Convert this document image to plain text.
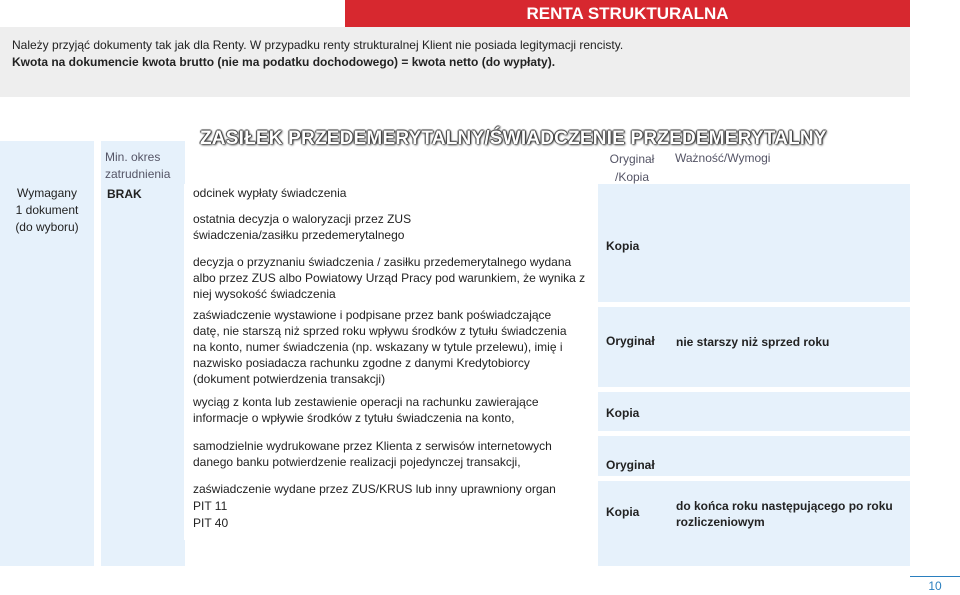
RENTA STRUKTURALNA
Należy przyjąć dokumenty tak jak dla Renty. W przypadku renty strukturalnej Klient nie posiada legitymacji rencisty.
Kwota na dokumencie kwota brutto (nie ma podatku dochodowego) = kwota netto (do wypłaty).
Wymagany
1 dokument
(do wyboru)
Min. okres
zatrudnienia
BRAK
ZASIŁEK PRZEDEMERYTALNY/ŚWIADCZENIE PRZEDEMERYTALNY
Oryginał
/Kopia
Ważność/Wymogi
odcinek wypłaty świadczenia
ostatnia decyzja o waloryzacji przez ZUS świadczenia/zasiłku przedemerytalnego
decyzja o przyznaniu świadczenia / zasiłku przedemerytalnego wydana albo przez ZUS albo Powiatowy Urząd Pracy pod warunkiem, że wynika z niej wysokość świadczenia
zaświadczenie wystawione i podpisane przez bank poświadczające datę, nie starszą niż sprzed roku wpływu środków z tytułu świadczenia na konto, numer świadczenia (np. wskazany w tytule przelewu), imię i nazwisko posiadacza rachunku zgodne z danymi Kredytobiorcy (dokument potwierdzenia transakcji)
wyciąg z konta lub zestawienie operacji na rachunku zawierające informacje o wpływie środków z tytułu świadczenia na konto,
samodzielnie wydrukowane przez Klienta z serwisów internetowych danego banku potwierdzenie realizacji pojedynczej transakcji,
zaświadczenie wydane przez ZUS/KRUS lub inny uprawniony organ
PIT 11
PIT 40
Kopia
Oryginał
Kopia
Oryginał
Kopia
nie starszy niż sprzed roku
do końca roku następującego po roku rozliczeniowym
10
